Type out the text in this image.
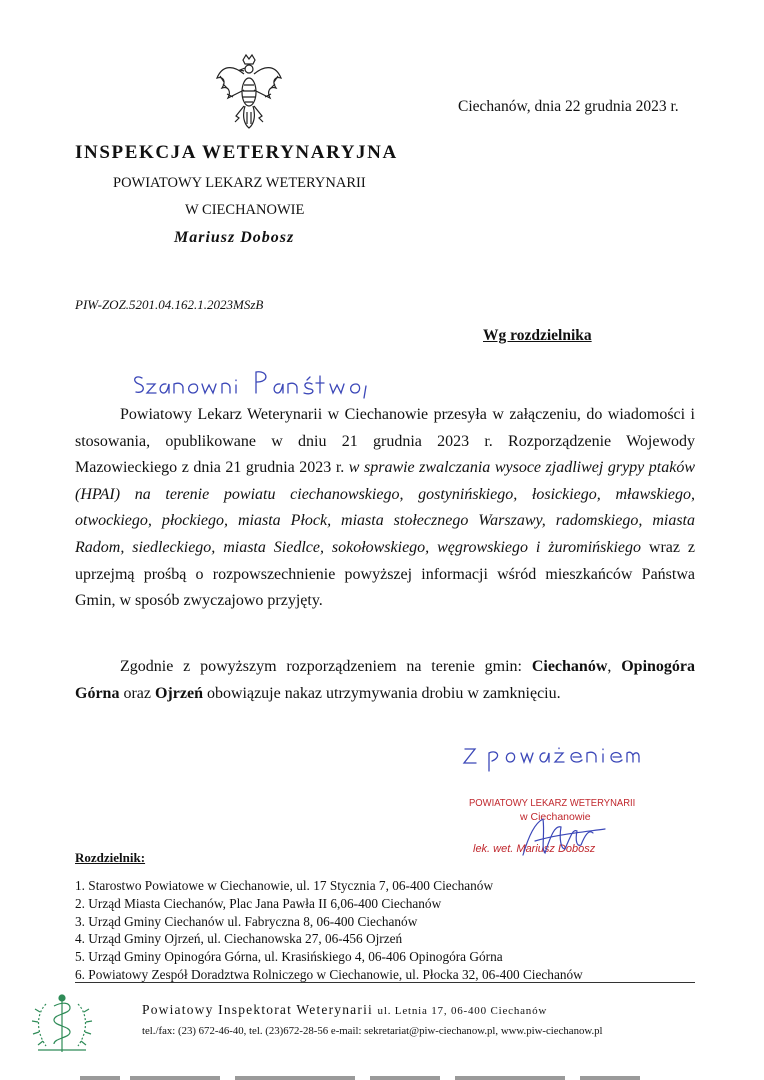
Ciechanów, dnia 22 grudnia 2023 r.
INSPEKCJA WETERYNARYJNA
POWIATOWY LEKARZ WETERYNARII
W CIECHANOWIE
Mariusz Dobosz
PIW-ZOZ.5201.04.162.1.2023MSzB
Wg rozdzielnika
Powiatowy Lekarz Weterynarii w Ciechanowie przesyła w załączeniu, do wiadomości i stosowania, opublikowane w dniu 21 grudnia 2023 r. Rozporządzenie Wojewody Mazowieckiego z dnia 21 grudnia 2023 r. w sprawie zwalczania wysoce zjadliwej grypy ptaków (HPAI) na terenie powiatu ciechanowskiego, gostynińskiego, łosickiego, mławskiego, otwockiego, płockiego, miasta Płock, miasta stołecznego Warszawy, radomskiego, miasta Radom, siedleckiego, miasta Siedlce, sokołowskiego, węgrowskiego i żuromińskiego wraz z uprzejmą prośbą o rozpowszechnienie powyższej informacji wśród mieszkańców Państwa Gmin, w sposób zwyczajowo przyjęty.
Zgodnie z powyższym rozporządzeniem na terenie gmin: Ciechanów, Opinogóra Górna oraz Ojrzeń obowiązuje nakaz utrzymywania drobiu w zamknięciu.
POWIATOWY LEKARZ WETERYNARII
w Ciechanowie
lek. wet. Mariusz Dobosz
Rozdzielnik:
1. Starostwo Powiatowe w Ciechanowie, ul. 17 Stycznia 7, 06-400 Ciechanów
2. Urząd Miasta Ciechanów, Plac Jana Pawła II 6,06-400 Ciechanów
3. Urząd Gminy Ciechanów ul. Fabryczna 8, 06-400 Ciechanów
4. Urząd Gminy Ojrzeń, ul. Ciechanowska 27, 06-456 Ojrzeń
5. Urząd Gminy Opinogóra Górna, ul. Krasińskiego 4, 06-406 Opinogóra Górna
6. Powiatowy Zespół Doradztwa Rolniczego w Ciechanowie, ul. Płocka 32, 06-400 Ciechanów
Powiatowy Inspektorat Weterynarii ul. Letnia 17, 06-400 Ciechanów
tel./fax: (23) 672-46-40, tel. (23)672-28-56 e-mail: sekretariat@piw-ciechanow.pl, www.piw-ciechanow.pl
